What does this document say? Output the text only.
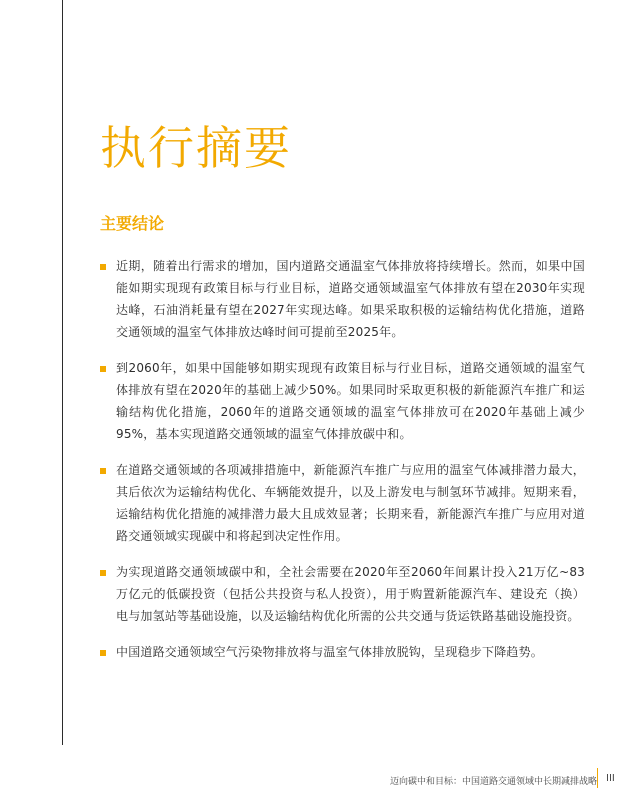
执行摘要
主要结论
近期，随着出行需求的增加，国内道路交通温室气体排放将持续增长。然而，如果中国能如期实现现有政策目标与行业目标，道路交通领域温室气体排放有望在2030年实现达峰，石油消耗量有望在2027年实现达峰。如果采取积极的运输结构优化措施，道路交通领域的温室气体排放达峰时间可提前至2025年。
到2060年，如果中国能够如期实现现有政策目标与行业目标，道路交通领域的温室气体排放有望在2020年的基础上减少50%。如果同时采取更积极的新能源汽车推广和运输结构优化措施，2060年的道路交通领域的温室气体排放可在2020年基础上减少95%，基本实现道路交通领域的温室气体排放碳中和。
在道路交通领域的各项减排措施中，新能源汽车推广与应用的温室气体减排潜力最大，其后依次为运输结构优化、车辆能效提升，以及上游发电与制氢环节减排。短期来看，运输结构优化措施的减排潜力最大且成效显著；长期来看，新能源汽车推广与应用对道路交通领域实现碳中和将起到决定性作用。
为实现道路交通领域碳中和，全社会需要在2020年至2060年间累计投入21万亿~83万亿元的低碳投资（包括公共投资与私人投资），用于购置新能源汽车、建设充（换）电与加氢站等基础设施，以及运输结构优化所需的公共交通与货运铁路基础设施投资。
中国道路交通领域空气污染物排放将与温室气体排放脱钩，呈现稳步下降趋势。
迈向碳中和目标：中国道路交通领域中长期减排战略 III
